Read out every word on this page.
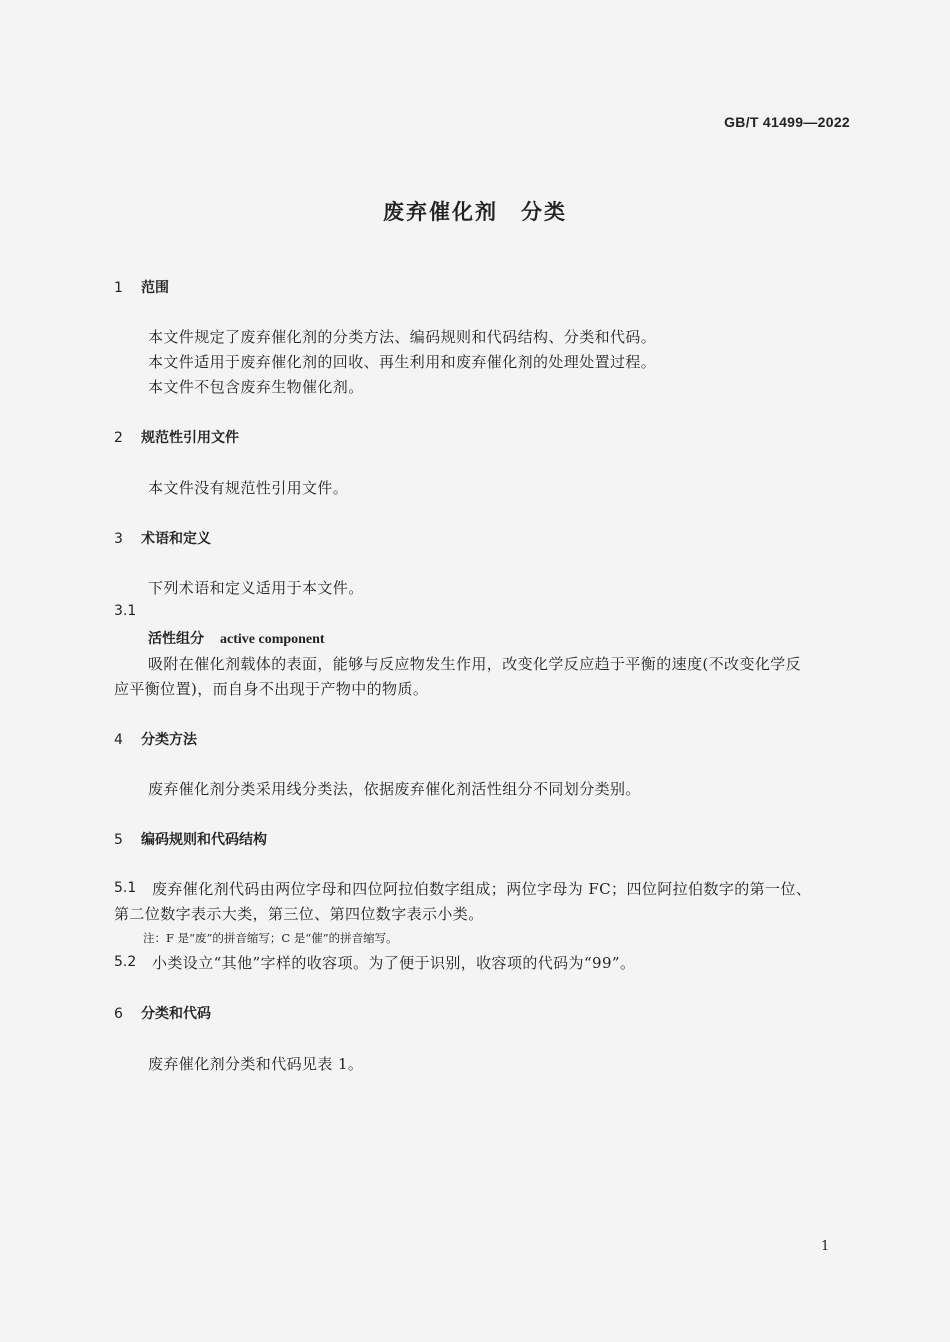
GB/T 41499—2022
废弃催化剂　分类
1 范围
本文件规定了废弃催化剂的分类方法、编码规则和代码结构、分类和代码。
本文件适用于废弃催化剂的回收、再生利用和废弃催化剂的处理处置过程。
本文件不包含废弃生物催化剂。
2 规范性引用文件
本文件没有规范性引用文件。
3 术语和定义
下列术语和定义适用于本文件。
3.1
活性组分 active component
吸附在催化剂载体的表面，能够与反应物发生作用，改变化学反应趋于平衡的速度(不改变化学反
应平衡位置)，而自身不出现于产物中的物质。
4 分类方法
废弃催化剂分类采用线分类法，依据废弃催化剂活性组分不同划分类别。
5 编码规则和代码结构
5.1 废弃催化剂代码由两位字母和四位阿拉伯数字组成；两位字母为 FC；四位阿拉伯数字的第一位、
第二位数字表示大类，第三位、第四位数字表示小类。
注：F 是“废”的拼音缩写；C 是“催”的拼音缩写。
5.2 小类设立“其他”字样的收容项。为了便于识别，收容项的代码为“99”。
6 分类和代码
废弃催化剂分类和代码见表 1。
1
